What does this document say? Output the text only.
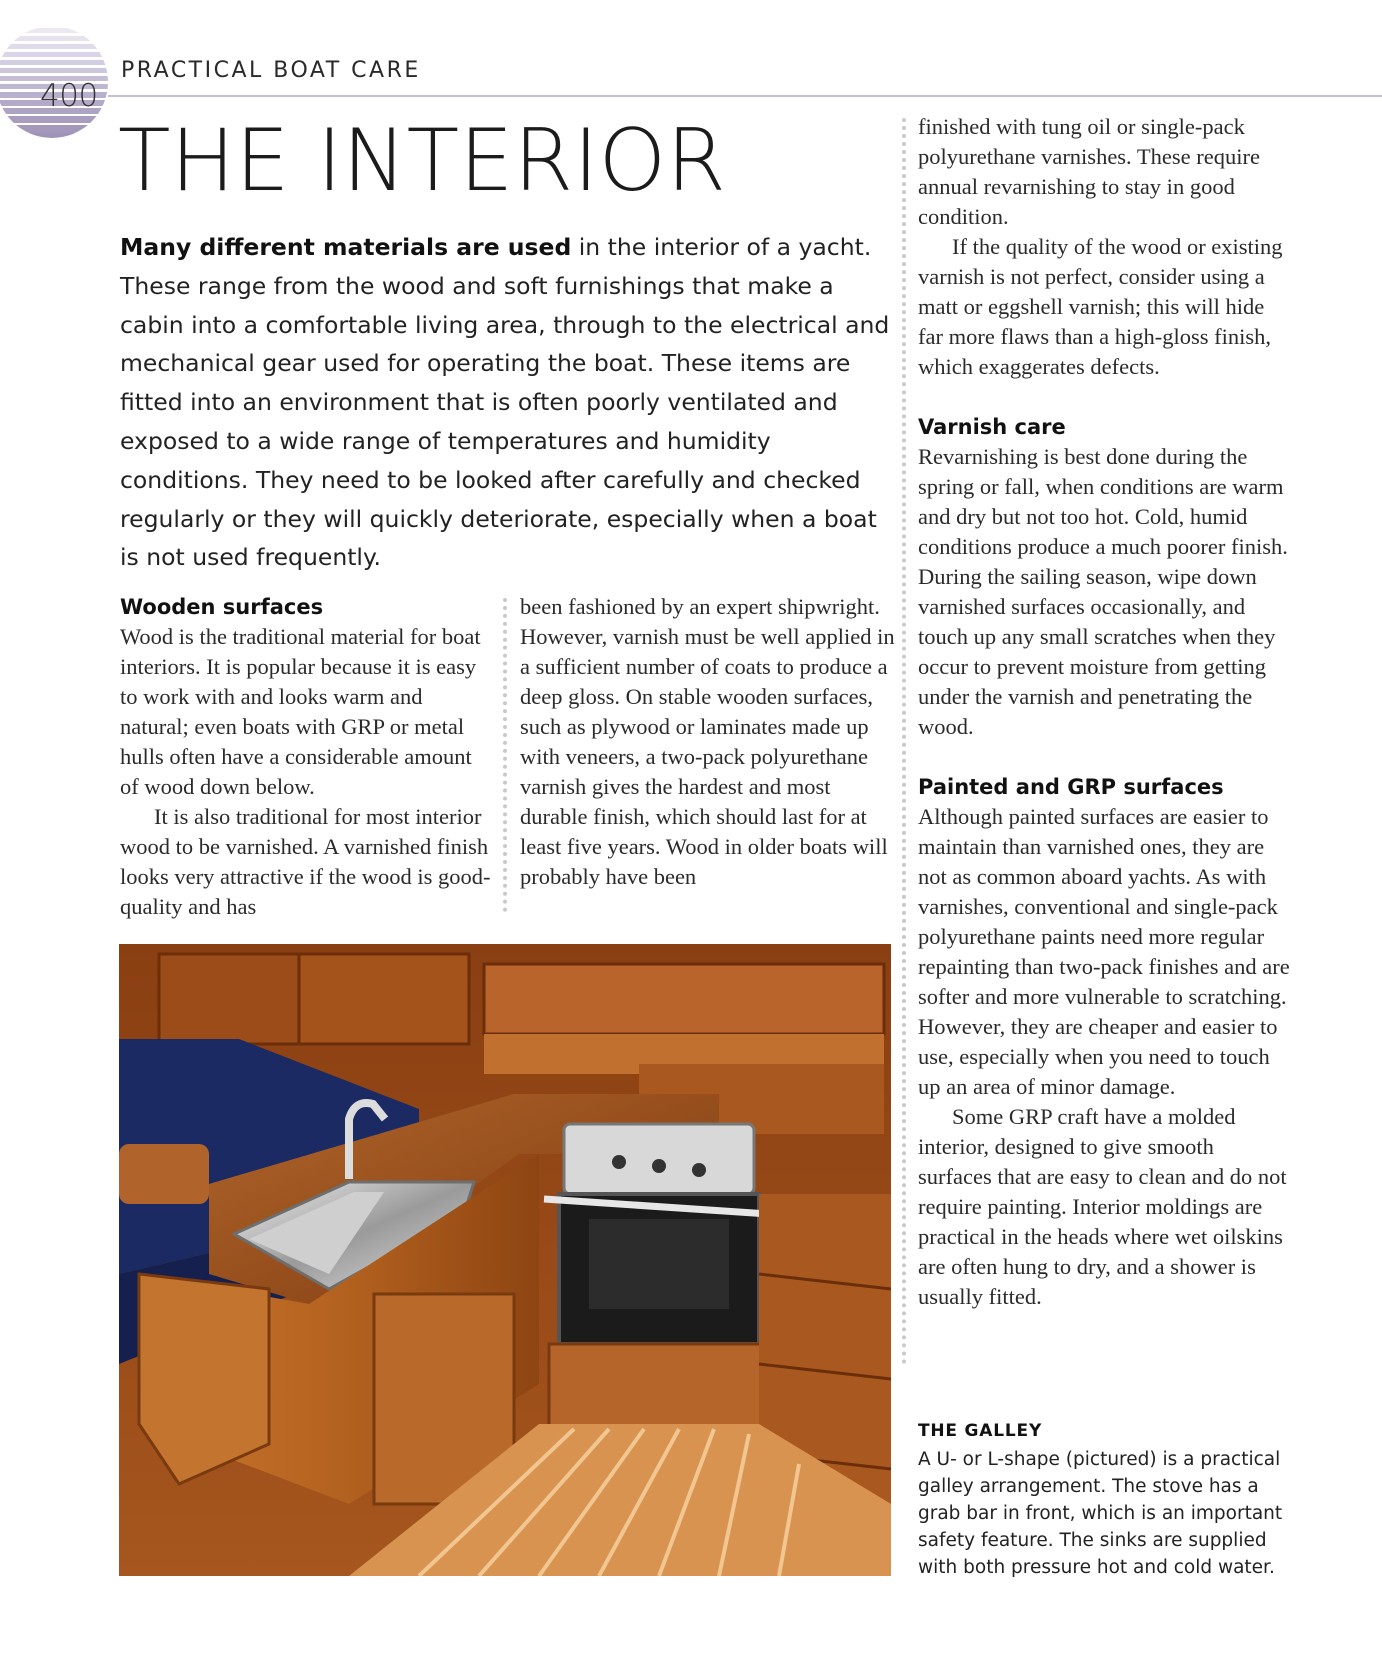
400
PRACTICAL BOAT CARE
THE INTERIOR

Many different materials are used in the interior of a yacht. These range from the wood and soft furnishings that make a cabin into a comfortable living area, through to the electrical and mechanical gear used for operating the boat. These items are fitted into an environment that is often poorly ventilated and exposed to a wide range of temperatures and humidity conditions. They need to be looked after carefully and checked regularly or they will quickly deteriorate, especially when a boat is not used frequently.

Wooden surfaces

Wood is the traditional material for boat interiors. It is popular because it is easy to work with and looks warm and natural; even boats with GRP or metal hulls often have a considerable amount of wood down below.

It is also traditional for most interior wood to be varnished. A varnished finish looks very attractive if the wood is good-quality and has

been fashioned by an expert shipwright. However, varnish must be well applied in a sufficient number of coats to produce a deep gloss. On stable wooden surfaces, such as plywood or laminates made up with veneers, a two-pack polyurethane varnish gives the hardest and most durable finish, which should last for at least five years. Wood in older boats will probably have been

finished with tung oil or single-pack polyurethane varnishes. These require annual revarnishing to stay in good condition.

If the quality of the wood or existing varnish is not perfect, consider using a matt or eggshell varnish; this will hide far more flaws than a high-gloss finish, which exaggerates defects.

Varnish care

Revarnishing is best done during the spring or fall, when conditions are warm and dry but not too hot. Cold, humid conditions produce a much poorer finish. During the sailing season, wipe down varnished surfaces occasionally, and touch up any small scratches when they occur to prevent moisture from getting under the varnish and penetrating the wood.

Painted and GRP surfaces

Although painted surfaces are easier to maintain than varnished ones, they are not as common aboard yachts. As with varnishes, conventional and single-pack polyurethane paints need more regular repainting than two-pack finishes and are softer and more vulnerable to scratching. However, they are cheaper and easier to use, especially when you need to touch up an area of minor damage.

Some GRP craft have a molded interior, designed to give smooth surfaces that are easy to clean and do not require painting. Interior moldings are practical in the heads where wet oilskins are often hung to dry, and a shower is usually fitted.

THE GALLEY

A U- or L-shape (pictured) is a practical galley arrangement. The stove has a grab bar in front, which is an important safety feature. The sinks are supplied with both pressure hot and cold water.
